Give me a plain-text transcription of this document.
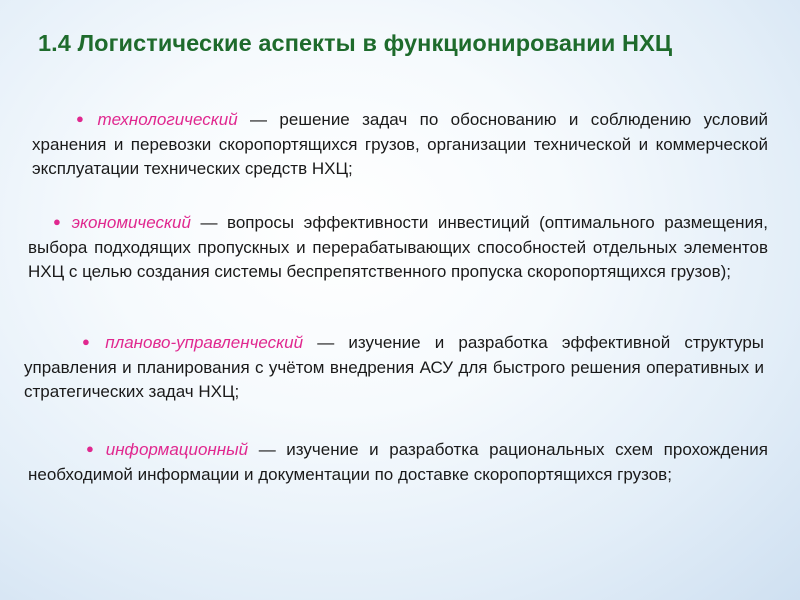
1.4 Логистические аспекты в функционировании НХЦ
● технологический — решение задач по обоснованию и соблюдению условий хранения и перевозки скоропортящихся грузов, организации технической и коммерческой эксплуатации технических средств НХЦ;
● экономический — вопросы эффективности инвестиций (оптимального размещения, выбора подходящих пропускных и перерабатывающих способностей отдельных элементов НХЦ с целью создания системы беспрепятственного пропуска скоропортящихся грузов);
● планово-управленческий — изучение и разработка эффективной структуры управления и планирования с учётом внедрения АСУ для быстрого решения оперативных и стратегических задач НХЦ;
● информационный — изучение и разработка рациональных схем прохождения необходимой информации и документации по доставке скоропортящихся грузов;
